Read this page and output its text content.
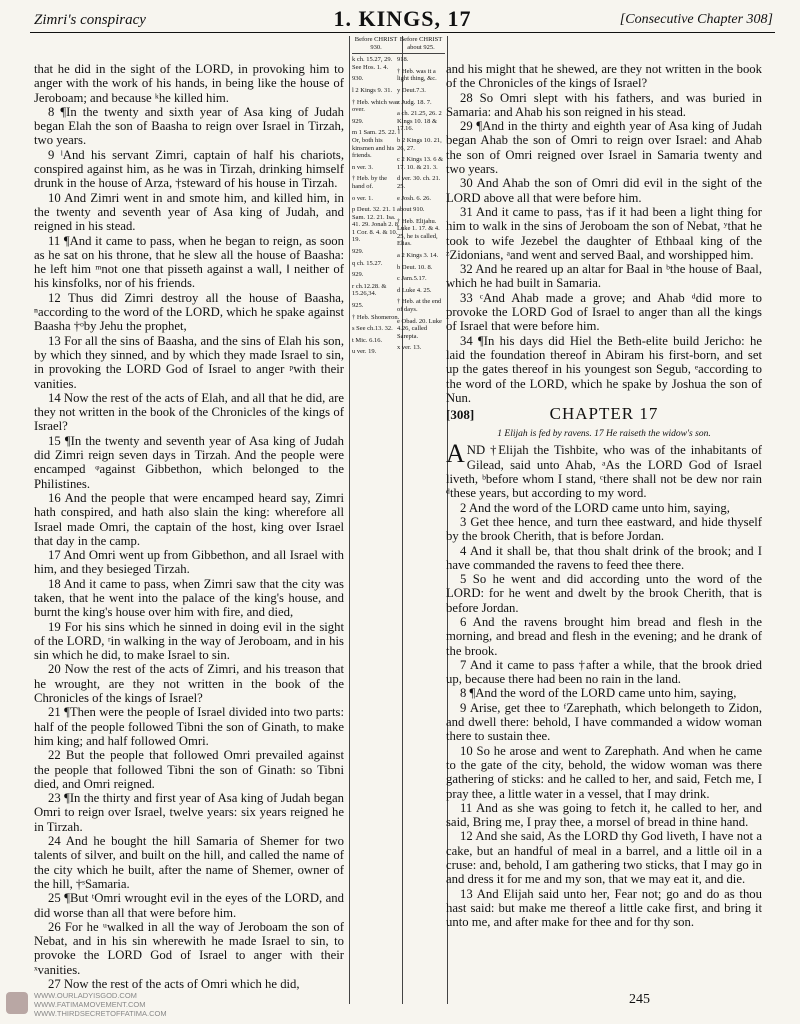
Zimri's conspiracy	1. KINGS, 17	[Consecutive Chapter 308]
Before CHRIST
930.
k ch. 15.27, 29. See Hos. 1. 4.
930.
l 2 Kings 9. 31.
† Heb. which was over.
929.
m 1 Sam. 25. 22. ‖ Or, both his kinsmen and his friends.
n ver. 3.
† Heb. by the hand of.
o ver. 1.
p Deut. 32. 21. 1 Sam. 12. 21. Isa. 41. 29. Jonah 2. 8. 1 Cor. 8. 4. & 10. 19.
929.
q ch. 15.27.
929.
r ch.12.28. & 15.26,34.
925.
† Heb. Shomeron.
s See ch.13. 32.
t Mic. 6.16.
u ver. 19.
Before CHRIST
about 925.
918.
† Heb. was it a light thing, &c.
y Deut.7.3.
z Judg. 18. 7.
a ch. 21.25, 26. 2 Kings 10. 18 & 17.16.
b 2 Kings 10. 21, 26, 27.
c 2 Kings 13. 6 & 17. 10. & 21. 3.
d ver. 30. ch. 21. 25.
e Josh. 6. 26.
about 910.
† Heb. Elijahu. Luke 1. 17. & 4. 25, he is called, Elias.
a 2 Kings 3. 14.
b Deut. 10. 8.
c Jam.5.17.
d Luke 4. 25.
† Heb. at the end of days.
e Obad. 20. Luke 4.26, called Sarepta.
x ver. 13.

that he did in the sight of the LORD, in provoking him to anger with the work of his hands, in being like the house of Jeroboam; and because ᵏhe killed him.

8 ¶In the twenty and sixth year of Asa king of Judah began Elah the son of Baasha to reign over Israel in Tirzah, two years.

9 ˡAnd his servant Zimri, captain of half his chariots, conspired against him, as he was in Tirzah, drinking himself drunk in the house of Arza, †steward of his house in Tirzah.

10 And Zimri went in and smote him, and killed him, in the twenty and seventh year of Asa king of Judah, and reigned in his stead.

11 ¶And it came to pass, when he began to reign, as soon as he sat on his throne, that he slew all the house of Baasha: he left him ᵐnot one that pisseth against a wall, ‖ neither of his kinsfolks, nor of his friends.

12 Thus did Zimri destroy all the house of Baasha, ⁿaccording to the word of the LORD, which he spake against Baasha †ᵒby Jehu the prophet,

13 For all the sins of Baasha, and the sins of Elah his son, by which they sinned, and by which they made Israel to sin, in provoking the LORD God of Israel to anger ᵖwith their vanities.

14 Now the rest of the acts of Elah, and all that he did, are they not written in the book of the Chronicles of the kings of Israel?

15 ¶In the twenty and seventh year of Asa king of Judah did Zimri reign seven days in Tirzah. And the people were encamped ᵠagainst Gibbethon, which belonged to the Philistines.

16 And the people that were encamped heard say, Zimri hath conspired, and hath also slain the king: wherefore all Israel made Omri, the captain of the host, king over Israel that day in the camp.

17 And Omri went up from Gibbethon, and all Israel with him, and they besieged Tirzah.

18 And it came to pass, when Zimri saw that the city was taken, that he went into the palace of the king's house, and burnt the king's house over him with fire, and died,

19 For his sins which he sinned in doing evil in the sight of the LORD, ʳin walking in the way of Jeroboam, and in his sin which he did, to make Israel to sin.

20 Now the rest of the acts of Zimri, and his treason that he wrought, are they not written in the book of the Chronicles of the kings of Israel?

21 ¶Then were the people of Israel divided into two parts: half of the people followed Tibni the son of Ginath, to make him king; and half followed Omri.

22 But the people that followed Omri prevailed against the people that followed Tibni the son of Ginath: so Tibni died, and Omri reigned.

23 ¶In the thirty and first year of Asa king of Judah began Omri to reign over Israel, twelve years: six years reigned he in Tirzah.

24 And he bought the hill Samaria of Shemer for two talents of silver, and built on the hill, and called the name of the city which he built, after the name of Shemer, owner of the hill, †ˢSamaria.

25 ¶But ᵗOmri wrought evil in the eyes of the LORD, and did worse than all that were before him.

26 For he ᵘwalked in all the way of Jeroboam the son of Nebat, and in his sin wherewith he made Israel to sin, to provoke the LORD God of Israel to anger with their ˣvanities.

27 Now the rest of the acts of Omri which he did,

and his might that he shewed, are they not written in the book of the Chronicles of the kings of Israel?

28 So Omri slept with his fathers, and was buried in Samaria: and Ahab his son reigned in his stead.

29 ¶And in the thirty and eighth year of Asa king of Judah began Ahab the son of Omri to reign over Israel: and Ahab the son of Omri reigned over Israel in Samaria twenty and two years.

30 And Ahab the son of Omri did evil in the sight of the LORD above all that were before him.

31 And it came to pass, †as if it had been a light thing for him to walk in the sins of Jeroboam the son of Nebat, ʸthat he took to wife Jezebel the daughter of Ethbaal king of the ᶻZidonians, ᵃand went and served Baal, and worshipped him.

32 And he reared up an altar for Baal in ᵇthe house of Baal, which he had built in Samaria.

33 ᶜAnd Ahab made a grove; and Ahab ᵈdid more to provoke the LORD God of Israel to anger than all the kings of Israel that were before him.

34 ¶In his days did Hiel the Beth-elite build Jericho: he laid the foundation thereof in Abiram his first-born, and set up the gates thereof in his youngest son Segub, ᵉaccording to the word of the LORD, which he spake by Joshua the son of Nun.

[308]	CHAPTER 17
1 Elijah is fed by ravens. 17 He raiseth the widow's son.

AND †Elijah the Tishbite, who was of the inhabitants of Gilead, said unto Ahab, ᵃAs the LORD God of Israel liveth, ᵇbefore whom I stand, ᶜthere shall not be dew nor rain ᵈthese years, but according to my word.

2 And the word of the LORD came unto him, saying,

3 Get thee hence, and turn thee eastward, and hide thyself by the brook Cherith, that is before Jordan.

4 And it shall be, that thou shalt drink of the brook; and I have commanded the ravens to feed thee there.

5 So he went and did according unto the word of the LORD: for he went and dwelt by the brook Cherith, that is before Jordan.

6 And the ravens brought him bread and flesh in the morning, and bread and flesh in the evening; and he drank of the brook.

7 And it came to pass †after a while, that the brook dried up, because there had been no rain in the land.

8 ¶And the word of the LORD came unto him, saying,

9 Arise, get thee to ᶠZarephath, which belongeth to Zidon, and dwell there: behold, I have commanded a widow woman there to sustain thee.

10 So he arose and went to Zarephath. And when he came to the gate of the city, behold, the widow woman was there gathering of sticks: and he called to her, and said, Fetch me, I pray thee, a little water in a vessel, that I may drink.

11 And as she was going to fetch it, he called to her, and said, Bring me, I pray thee, a morsel of bread in thine hand.

12 And she said, As the LORD thy God liveth, I have not a cake, but an handful of meal in a barrel, and a little oil in a cruse: and, behold, I am gathering two sticks, that I may go in and dress it for me and my son, that we may eat it, and die.

13 And Elijah said unto her, Fear not; go and do as thou hast said: but make me thereof a little cake first, and bring it unto me, and after make for thee and for thy son.

245
WWW.OURLADYISGOD.COM
WWW.FATIMAMOVEMENT.COM
WWW.THIRDSECRETOFFATIMA.COM
